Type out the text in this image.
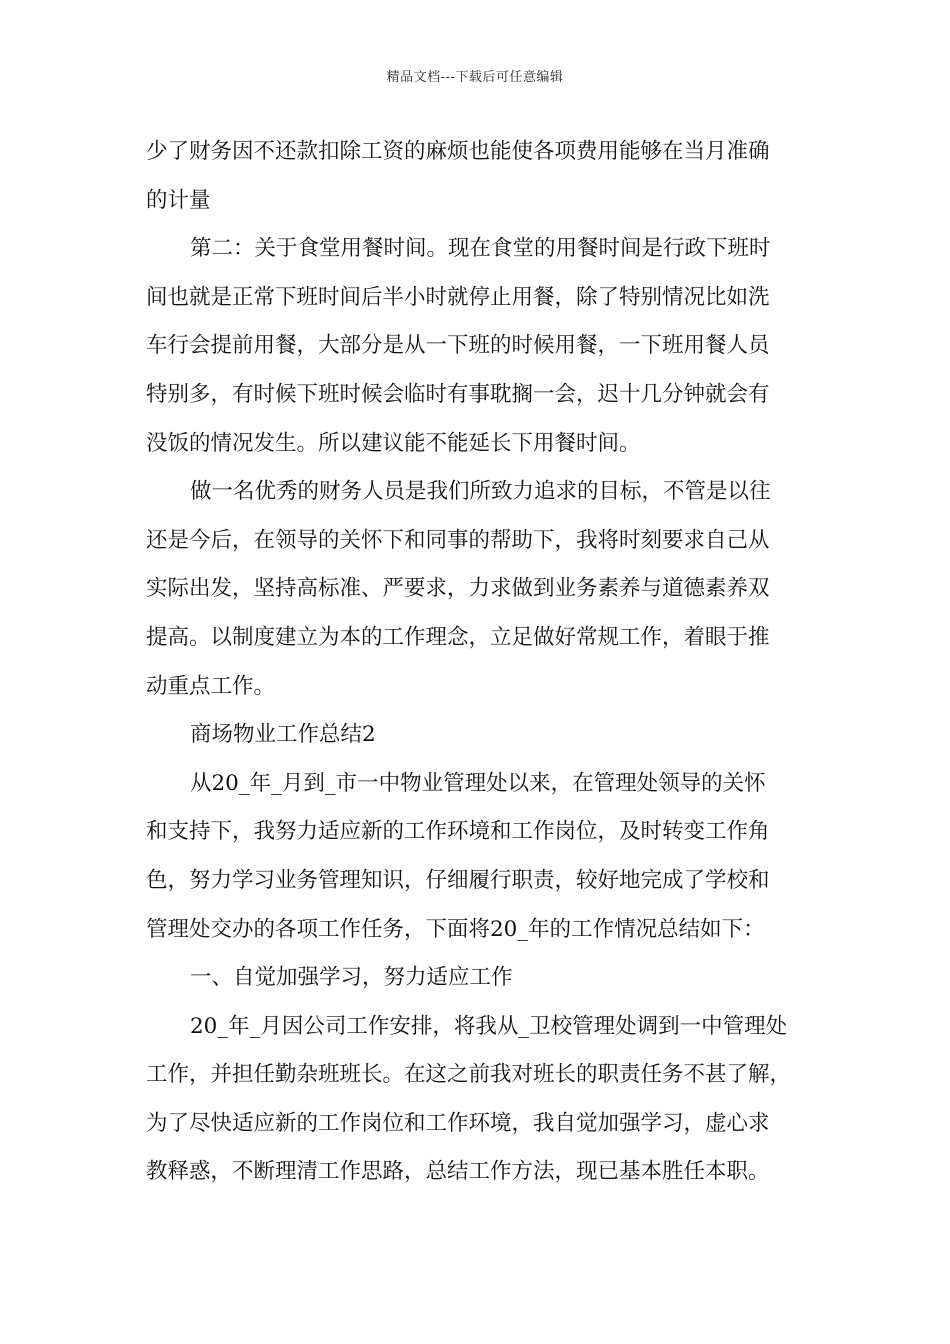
精品文档---下载后可任意编辑
少了财务因不还款扣除工资的麻烦也能使各项费用能够在当月准确
的计量
第二：关于食堂用餐时间。现在食堂的用餐时间是行政下班时
间也就是正常下班时间后半小时就停止用餐，除了特别情况比如洗
车行会提前用餐，大部分是从一下班的时候用餐，一下班用餐人员
特别多，有时候下班时候会临时有事耽搁一会，迟十几分钟就会有
没饭的情况发生。所以建议能不能延长下用餐时间。
做一名优秀的财务人员是我们所致力追求的目标，不管是以往
还是今后，在领导的关怀下和同事的帮助下，我将时刻要求自己从
实际出发，坚持高标准、严要求，力求做到业务素养与道德素养双
提高。以制度建立为本的工作理念，立足做好常规工作，着眼于推
动重点工作。
商场物业工作总结2
从20_年_月到_市一中物业管理处以来，在管理处领导的关怀
和支持下，我努力适应新的工作环境和工作岗位，及时转变工作角
色，努力学习业务管理知识，仔细履行职责，较好地完成了学校和
管理处交办的各项工作任务，下面将20_年的工作情况总结如下：
一、自觉加强学习，努力适应工作
20_年_月因公司工作安排，将我从_卫校管理处调到一中管理处
工作，并担任勤杂班班长。在这之前我对班长的职责任务不甚了解，
为了尽快适应新的工作岗位和工作环境，我自觉加强学习，虚心求
教释惑，不断理清工作思路，总结工作方法，现已基本胜任本职。
